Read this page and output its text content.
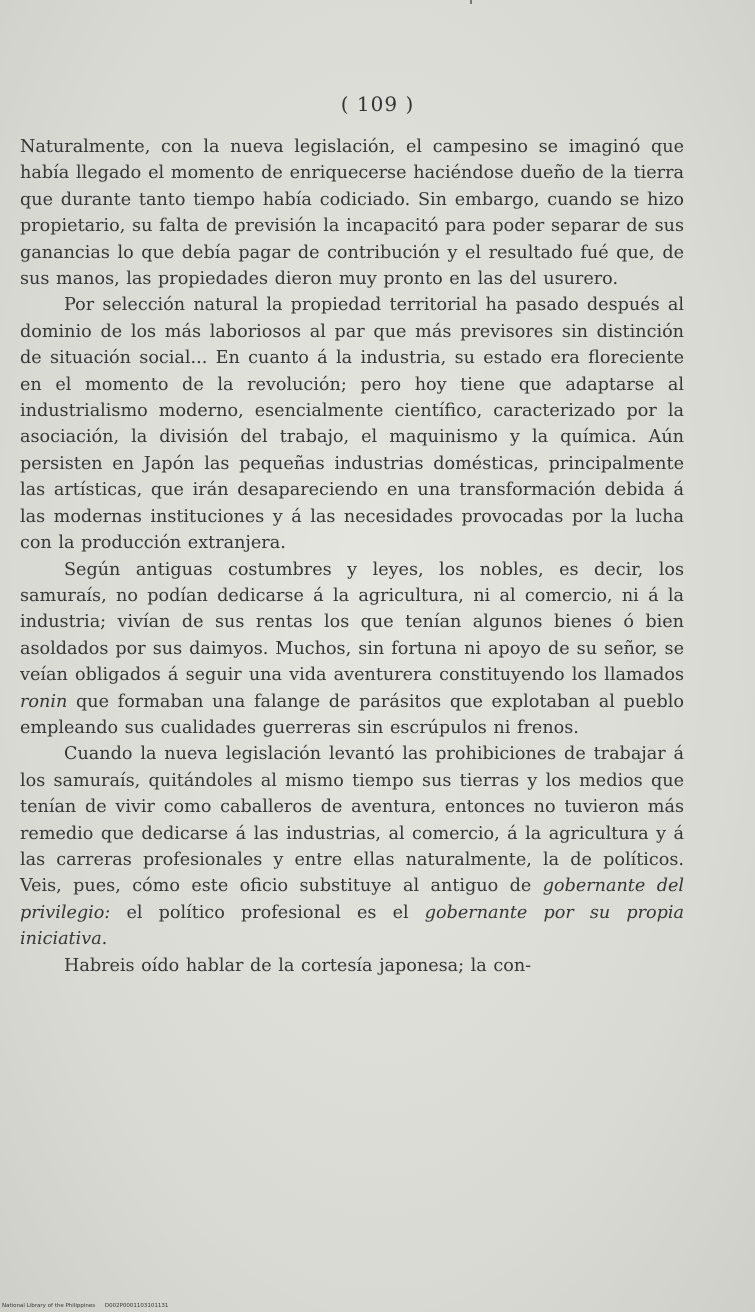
( 109 )

Naturalmente, con la nueva legislación, el campesino se imaginó que había llegado el momento de enriquecerse haciéndose dueño de la tierra que durante tanto tiempo había codiciado. Sin embargo, cuando se hizo propietario, su falta de previsión la incapacitó para poder separar de sus ganancias lo que debía pagar de contribución y el resultado fué que, de sus manos, las propiedades dieron muy pronto en las del usurero.

Por selección natural la propiedad territorial ha pasado después al dominio de los más laboriosos al par que más previsores sin distinción de situación social... En cuanto á la industria, su estado era floreciente en el momento de la revolución; pero hoy tiene que adaptarse al industrialismo moderno, esencialmente científico, caracterizado por la asociación, la división del trabajo, el maquinismo y la química. Aún persisten en Japón las pequeñas industrias domésticas, principalmente las artísticas, que irán desapareciendo en una transformación debida á las modernas instituciones y á las necesidades provocadas por la lucha con la producción extranjera.

Según antiguas costumbres y leyes, los nobles, es decir, los samuraís, no podían dedicarse á la agricultura, ni al comercio, ni á la industria; vivían de sus rentas los que tenían algunos bienes ó bien asoldados por sus daimyos. Muchos, sin fortuna ni apoyo de su señor, se veían obligados á seguir una vida aventurera constituyendo los llamados ronin que formaban una falange de parásitos que explotaban al pueblo empleando sus cualidades guerreras sin escrúpulos ni frenos.

Cuando la nueva legislación levantó las prohibiciones de trabajar á los samuraís, quitándoles al mismo tiempo sus tierras y los medios que tenían de vivir como caballeros de aventura, entonces no tuvieron más remedio que dedicarse á las industrias, al comercio, á la agricultura y á las carreras profesionales y entre ellas naturalmente, la de políticos. Veis, pues, cómo este oficio substituye al antiguo de gobernante del privilegio: el político profesional es el gobernante por su propia iniciativa.

Habreis oído hablar de la cortesía japonesa; la con-

National Library of the Philippines D002P0001103101131
